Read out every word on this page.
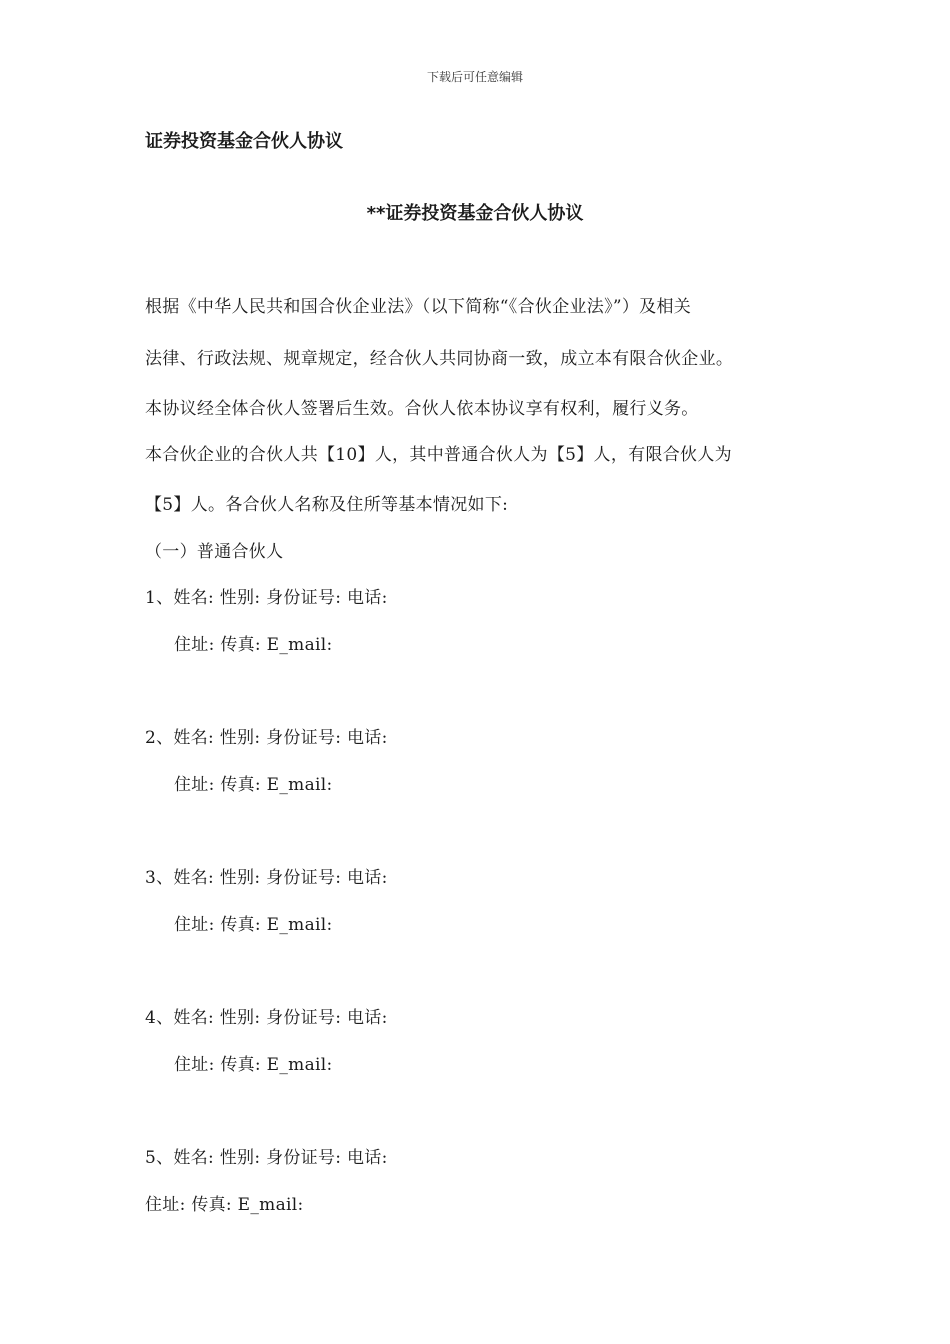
下载后可任意编辑
证券投资基金合伙人协议
**证券投资基金合伙人协议
根据《中华人民共和国合伙企业法》（以下简称“《合伙企业法》”）及相关
法律、行政法规、规章规定，经合伙人共同协商一致，成立本有限合伙企业。
本协议经全体合伙人签署后生效。合伙人依本协议享有权利，履行义务。
本合伙企业的合伙人共【10】人，其中普通合伙人为【5】人，有限合伙人为
【5】人。各合伙人名称及住所等基本情况如下:
（一）普通合伙人
1、姓名: 性别: 身份证号: 电话:
住址: 传真: E_mail:
2、姓名: 性别: 身份证号: 电话:
住址: 传真: E_mail:
3、姓名: 性别: 身份证号: 电话:
住址: 传真: E_mail:
4、姓名: 性别: 身份证号: 电话:
住址: 传真: E_mail:
5、姓名: 性别: 身份证号: 电话:
住址: 传真: E_mail:
